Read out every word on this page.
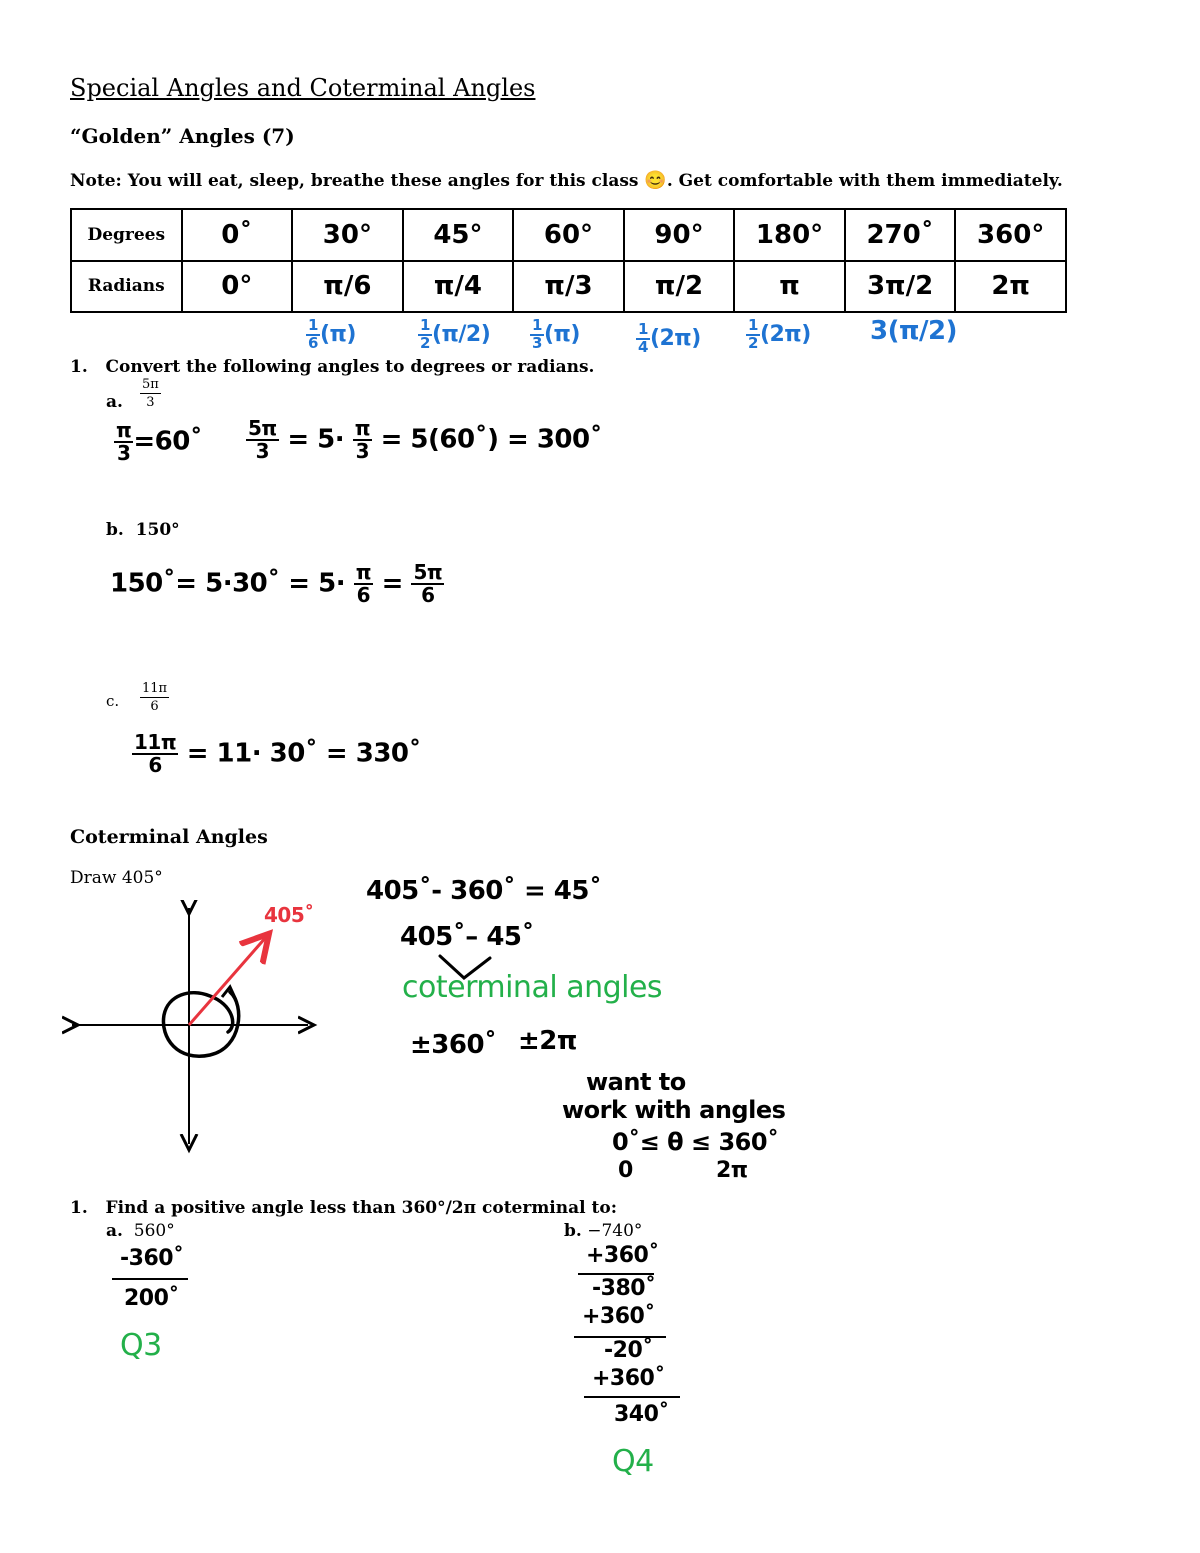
Special Angles and Coterminal Angles
“Golden” Angles (7)
Note: You will eat, sleep, breathe these angles for this class 😊. Get comfortable with them immediately.
Degrees	0˚	30°	45°	60°	90°	180°	270˚	360°
Radians	0°	π/6	π/4	π/3	π/2	π	3π/2	2π
$\frac{1}{6} (\pi)$	$\frac{1}{2} (\pi/2)$	$\frac{1}{3} (\pi)$	$\frac{1}{4} (2\pi)$	$\frac{1}{2} (2\pi)$ 3(π/2)
1. Convert the following angles to degrees or radians.
a. $\frac{5\pi}{3}$
$\frac{\pi}{3}$ =60˚ $\frac{5\pi}{3} = 5\cdot \frac{\pi}{3}$ = 5(60˚) = 300˚
b. 150°
150˚= 5·30˚ = $5\cdot \frac{\pi}{6} = \frac{5\pi}{6}$
c. $\frac{11\pi}{6}$
$\frac{11\pi}{6} = 11\cdot$ 30˚ = 330˚
Coterminal Angles
Draw 405°
405˚
405˚- 360˚ = 45˚
405˚– 45˚
coterminal angles
±360˚ ±2π
want to
work with angles
0˚≤ θ ≤ 360˚
0	2π
1. Find a positive angle less than 360°/2π coterminal to:
a. 560°
-360˚
200˚
Q3
b. −740°
+360˚
-380˚
+360˚
-20˚
+360˚
340˚
Q4
